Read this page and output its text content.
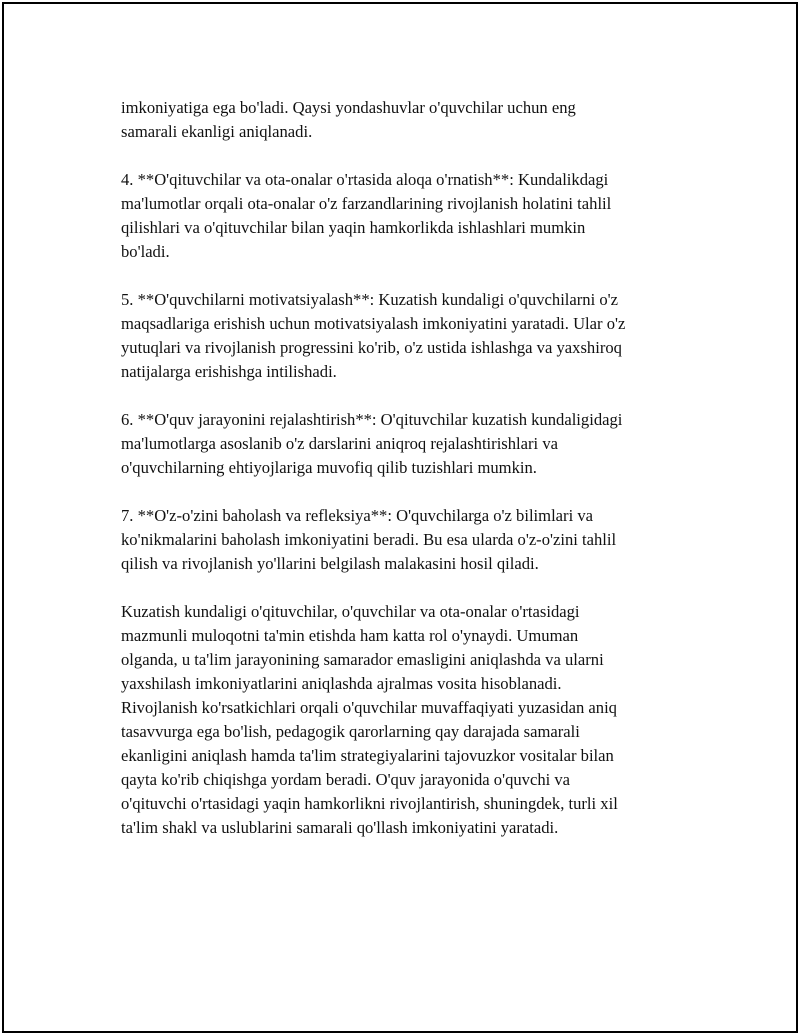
imkoniyatiga ega bo'ladi. Qaysi yondashuvlar o'quvchilar uchun eng
samarali ekanligi aniqlanadi.

4. **O'qituvchilar va ota-onalar o'rtasida aloqa o'rnatish**: Kundalikdagi
ma'lumotlar orqali ota-onalar o'z farzandlarining rivojlanish holatini tahlil
qilishlari va o'qituvchilar bilan yaqin hamkorlikda ishlashlari mumkin
bo'ladi.

5. **O'quvchilarni motivatsiyalash**: Kuzatish kundaligi o'quvchilarni o'z
maqsadlariga erishish uchun motivatsiyalash imkoniyatini yaratadi. Ular o'z
yutuqlari va rivojlanish progressini ko'rib, o'z ustida ishlashga va yaxshiroq
natijalarga erishishga intilishadi.

6. **O'quv jarayonini rejalashtirish**: O'qituvchilar kuzatish kundaligidagi
ma'lumotlarga asoslanib o'z darslarini aniqroq rejalashtirishlari va
o'quvchilarning ehtiyojlariga muvofiq qilib tuzishlari mumkin.

7. **O'z-o'zini baholash va refleksiya**: O'quvchilarga o'z bilimlari va
ko'nikmalarini baholash imkoniyatini beradi. Bu esa ularda o'z-o'zini tahlil
qilish va rivojlanish yo'llarini belgilash malakasini hosil qiladi.

Kuzatish kundaligi o'qituvchilar, o'quvchilar va ota-onalar o'rtasidagi
mazmunli muloqotni ta'min etishda ham katta rol o'ynaydi. Umuman
olganda, u ta'lim jarayonining samarador emasligini aniqlashda va ularni
yaxshilash imkoniyatlarini aniqlashda ajralmas vosita hisoblanadi.
Rivojlanish ko'rsatkichlari orqali o'quvchilar muvaffaqiyati yuzasidan aniq
tasavvurga ega bo'lish, pedagogik qarorlarning qay darajada samarali
ekanligini aniqlash hamda ta'lim strategiyalarini tajovuzkor vositalar bilan
qayta ko'rib chiqishga yordam beradi. O'quv jarayonida o'quvchi va
o'qituvchi o'rtasidagi yaqin hamkorlikni rivojlantirish, shuningdek, turli xil
ta'lim shakl va uslublarini samarali qo'llash imkoniyatini yaratadi.
